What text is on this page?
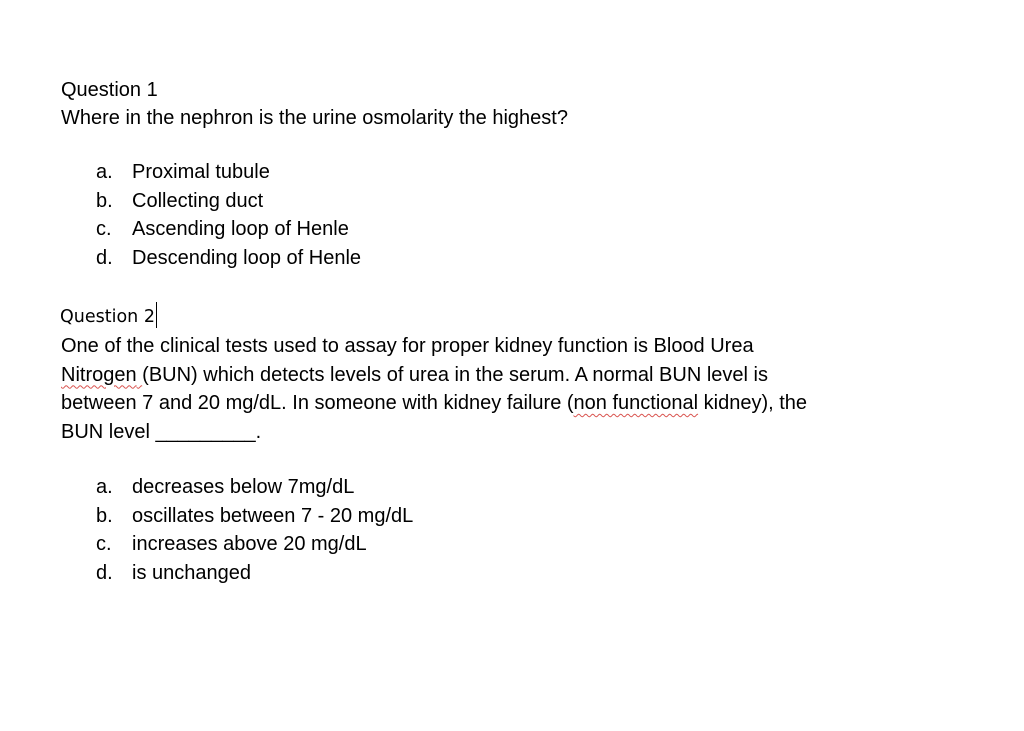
Question 1
Where in the nephron is the urine osmolarity the highest?
a. Proximal tubule
b. Collecting duct
c.	Ascending loop of Henle
d. Descending loop of Henle
Question 2
One of the clinical tests used to assay for proper kidney function is Blood Urea
Nitrogen (BUN) which detects levels of urea in the serum. A normal BUN level is
between 7 and 20 mg/dL. In someone with kidney failure (non functional kidney), the
BUN level _________.
a. decreases below 7mg/dL
b. oscillates between 7 - 20 mg/dL
c.	increases above 20 mg/dL
d. is unchanged
